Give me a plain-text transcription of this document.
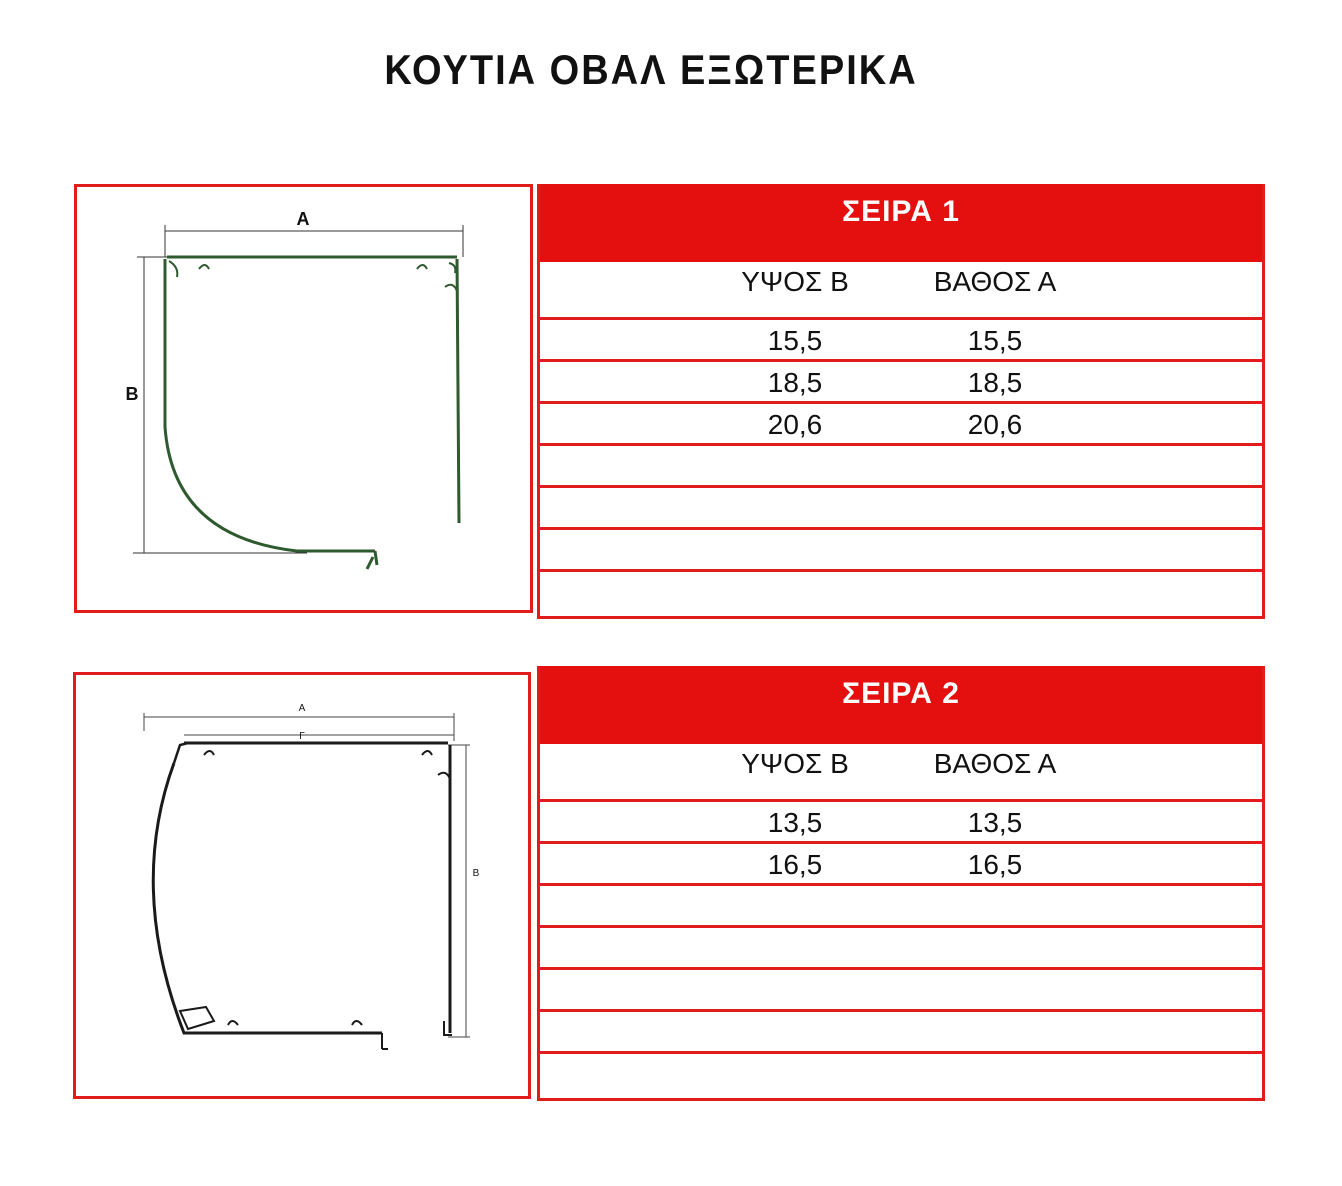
ΚΟΥΤΙΑ ΟΒΑΛ ΕΞΩΤΕΡΙΚΑ
A
B
ΣΕΙΡΑ 1
ΥΨΟΣ Β	ΒΑΘΟΣ Α
15,5	15,5
18,5	18,5
20,6	20,6
A
Γ
B
ΣΕΙΡΑ 2
ΥΨΟΣ Β	ΒΑΘΟΣ Α
13,5	13,5
16,5	16,5
